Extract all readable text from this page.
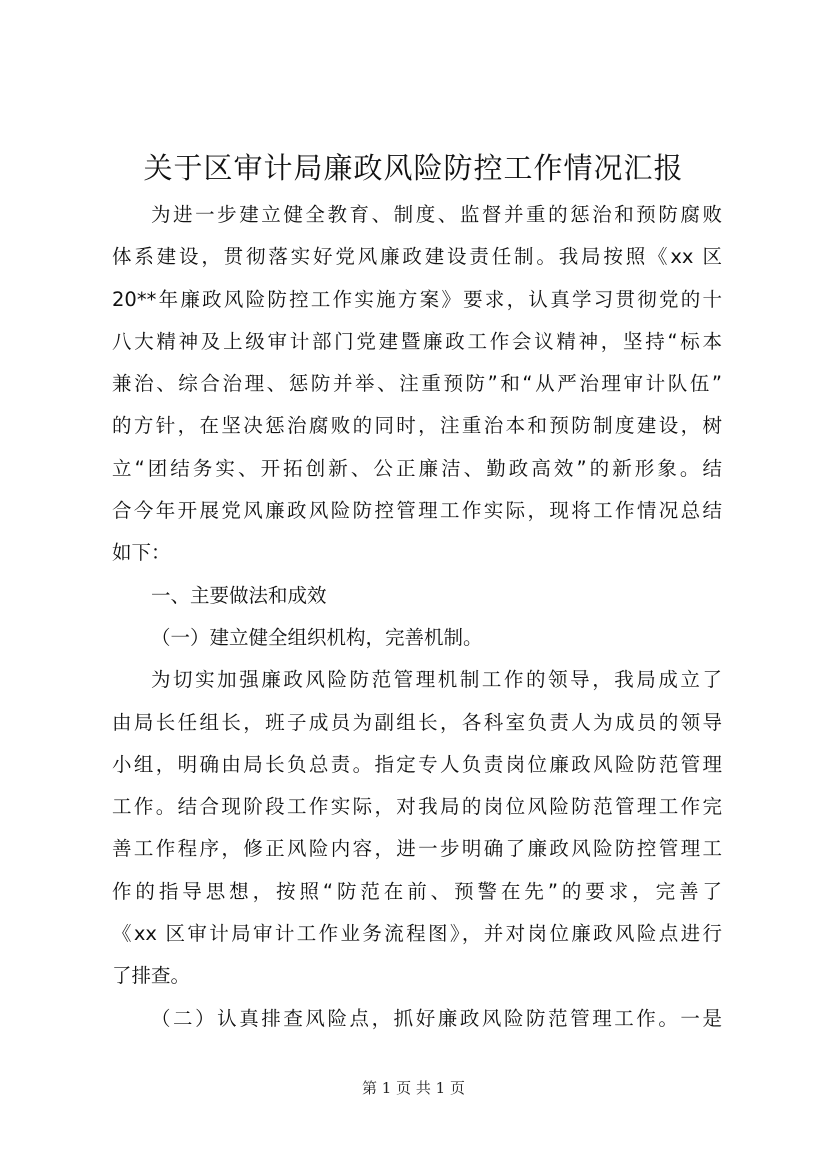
关于区审计局廉政风险防控工作情况汇报
为进一步建立健全教育、制度、监督并重的惩治和预防腐败
体系建设，贯彻落实好党风廉政建设责任制。我局按照《xx 区
20**年廉政风险防控工作实施方案》要求，认真学习贯彻党的十
八大精神及上级审计部门党建暨廉政工作会议精神，坚持“标本
兼治、综合治理、惩防并举、注重预防”和“从严治理审计队伍”
的方针，在坚决惩治腐败的同时，注重治本和预防制度建设，树
立“团结务实、开拓创新、公正廉洁、勤政高效”的新形象。结
合今年开展党风廉政风险防控管理工作实际，现将工作情况总结
如下：
一、主要做法和成效
（一）建立健全组织机构，完善机制。
为切实加强廉政风险防范管理机制工作的领导，我局成立了
由局长任组长，班子成员为副组长，各科室负责人为成员的领导
小组，明确由局长负总责。指定专人负责岗位廉政风险防范管理
工作。结合现阶段工作实际，对我局的岗位风险防范管理工作完
善工作程序，修正风险内容，进一步明确了廉政风险防控管理工
作的指导思想，按照“防范在前、预警在先”的要求，完善了
《xx 区审计局审计工作业务流程图》，并对岗位廉政风险点进行
了排查。
（二）认真排查风险点，抓好廉政风险防范管理工作。一是
第 1 页 共 1 页
